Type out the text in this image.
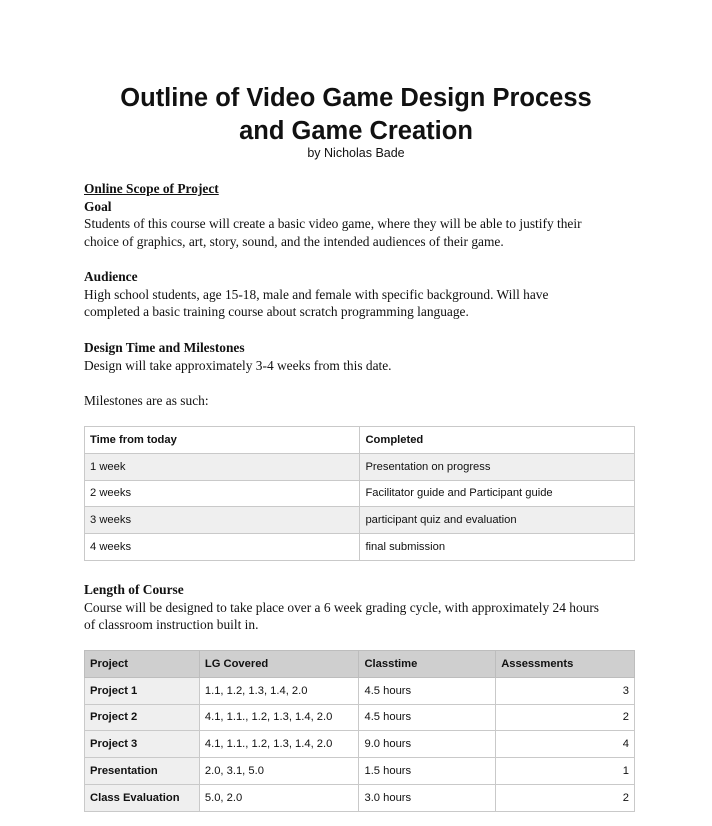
Outline of Video Game Design Process
and Game Creation

by Nicholas Bade

Online Scope of Project
Goal
Students of this course will create a basic video game, where they will be able to justify their
choice of graphics, art, story, sound, and the intended audiences of their game.
Audience
High school students, age 15-18, male and female with specific background. Will have
completed a basic training course about scratch programming language.
Design Time and Milestones
Design will take approximately 3-4 weeks from this date.
Milestones are as such:
Time from today	Completed
1 week	Presentation on progress
2 weeks	Facilitator guide and Participant guide
3 weeks	participant quiz and evaluation
4 weeks	final submission
Length of Course
Course will be designed to take place over a 6 week grading cycle, with approximately 24 hours
of classroom instruction built in.
Project	LG Covered	Classtime	Assessments
Project 1	1.1, 1.2, 1.3, 1.4, 2.0	4.5 hours	3
Project 2	4.1, 1.1., 1.2, 1.3, 1.4, 2.0	4.5 hours	2
Project 3	4.1, 1.1., 1.2, 1.3, 1.4, 2.0	9.0 hours	4
Presentation	2.0, 3.1, 5.0	1.5 hours	1
Class Evaluation	5.0, 2.0	3.0 hours	2
